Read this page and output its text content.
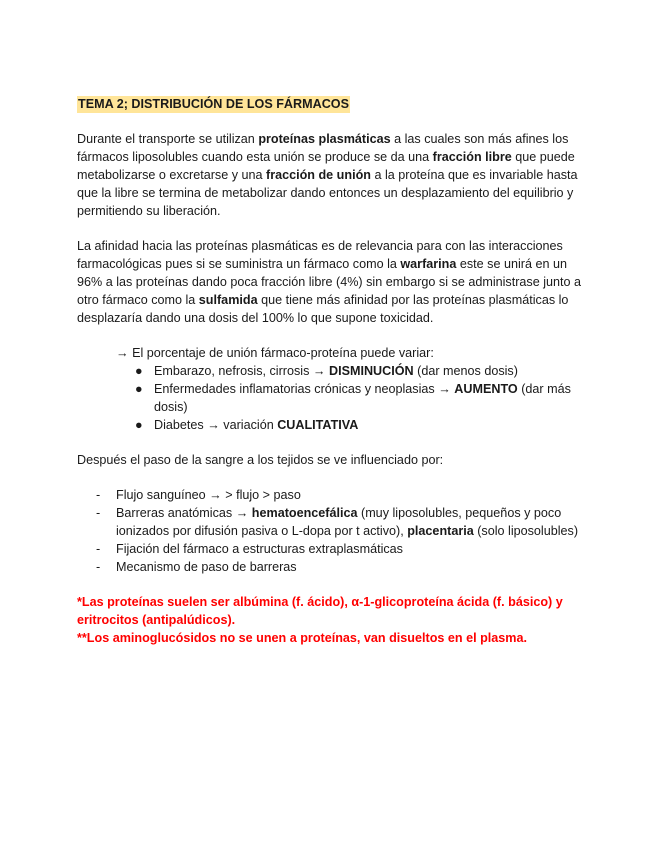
TEMA 2; DISTRIBUCIÓN DE LOS FÁRMACOS

Durante el transporte se utilizan proteínas plasmáticas a las cuales son más afines los fármacos liposolubles cuando esta unión se produce se da una fracción libre que puede metabolizarse o excretarse y una fracción de unión a la proteína que es invariable hasta que la libre se termina de metabolizar dando entonces un desplazamiento del equilibrio y permitiendo su liberación.

La afinidad hacia las proteínas plasmáticas es de relevancia para con las interacciones farmacológicas pues si se suministra un fármaco como la warfarina este se unirá en un 96% a las proteínas dando poca fracción libre (4%) sin embargo si se administrase junto a otro fármaco como la sulfamida que tiene más afinidad por las proteínas plasmáticas lo desplazaría dando una dosis del 100% lo que supone toxicidad.

→ El porcentaje de unión fármaco-proteína puede variar:

● Embarazo, nefrosis, cirrosis → DISMINUCIÓN (dar menos dosis)
● Enfermedades inflamatorias crónicas y neoplasias → AUMENTO (dar más dosis)
● Diabetes → variación CUALITATIVA

Después el paso de la sangre a los tejidos se ve influenciado por:

- Flujo sanguíneo → > flujo > paso
- Barreras anatómicas → hematoencefálica (muy liposolubles, pequeños y poco ionizados por difusión pasiva o L-dopa por t activo), placentaria (solo liposolubles)
- Fijación del fármaco a estructuras extraplasmáticas
- Mecanismo de paso de barreras

*Las proteínas suelen ser albúmina (f. ácido), α-1-glicoproteína ácida (f. básico) y eritrocitos (antipalúdicos).

**Los aminoglucósidos no se unen a proteínas, van disueltos en el plasma.
